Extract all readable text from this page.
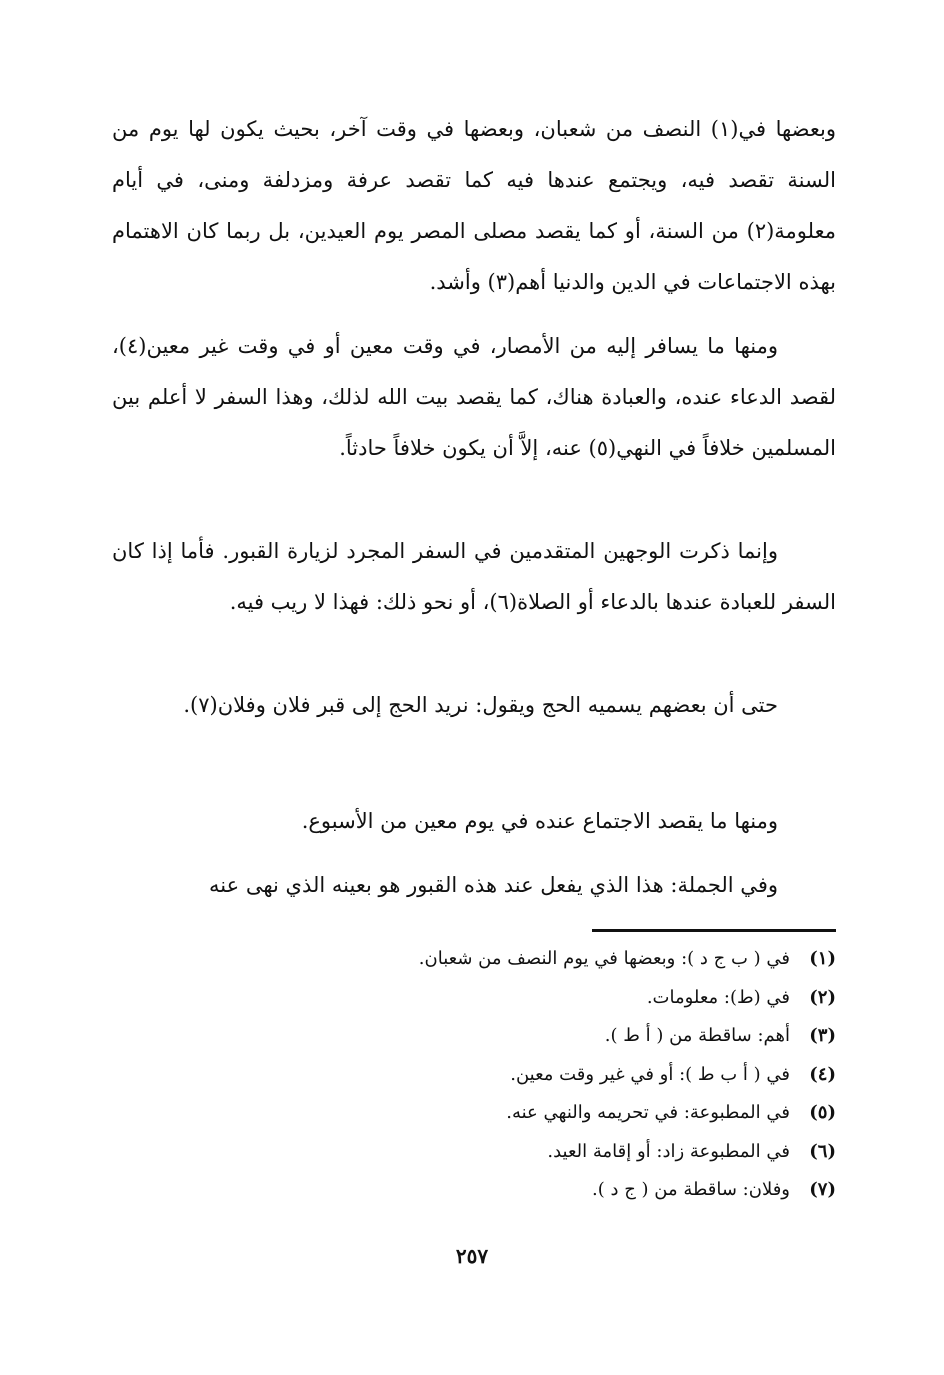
وبعضها في(١) النصف من شعبان، وبعضها في وقت آخر، بحيث يكون لها يوم من السنة تقصد فيه، ويجتمع عندها فيه كما تقصد عرفة ومزدلفة ومنى، في أيام معلومة(٢) من السنة، أو كما يقصد مصلى المصر يوم العيدين، بل ربما كان الاهتمام بهذه الاجتماعات في الدين والدنيا أهم(٣) وأشد.

ومنها ما يسافر إليه من الأمصار، في وقت معين أو في وقت غير معين(٤)، لقصد الدعاء عنده، والعبادة هناك، كما يقصد بيت الله لذلك، وهذا السفر لا أعلم بين المسلمين خلافاً في النهي(٥) عنه، إلاَّ أن يكون خلافاً حادثاً.

وإنما ذكرت الوجهين المتقدمين في السفر المجرد لزيارة القبور. فأما إذا كان السفر للعبادة عندها بالدعاء أو الصلاة(٦)، أو نحو ذلك: فهذا لا ريب فيه.

حتى أن بعضهم يسميه الحج ويقول: نريد الحج إلى قبر فلان وفلان(٧).

ومنها ما يقصد الاجتماع عنده في يوم معين من الأسبوع.

وفي الجملة: هذا الذي يفعل عند هذه القبور هو بعينه الذي نهى عنه

(١)
في ( ب ج د ): وبعضها في يوم النصف من شعبان.
(٢)
في (ط): معلومات.
(٣)
أهم: ساقطة من ( أ ط ).
(٤)
في ( أ ب ط ): أو في غير وقت معين.
(٥)
في المطبوعة: في تحريمه والنهي عنه.
(٦)
في المطبوعة زاد: أو إقامة العيد.
(٧)
وفلان: ساقطة من ( ج د ).
٢٥٧
